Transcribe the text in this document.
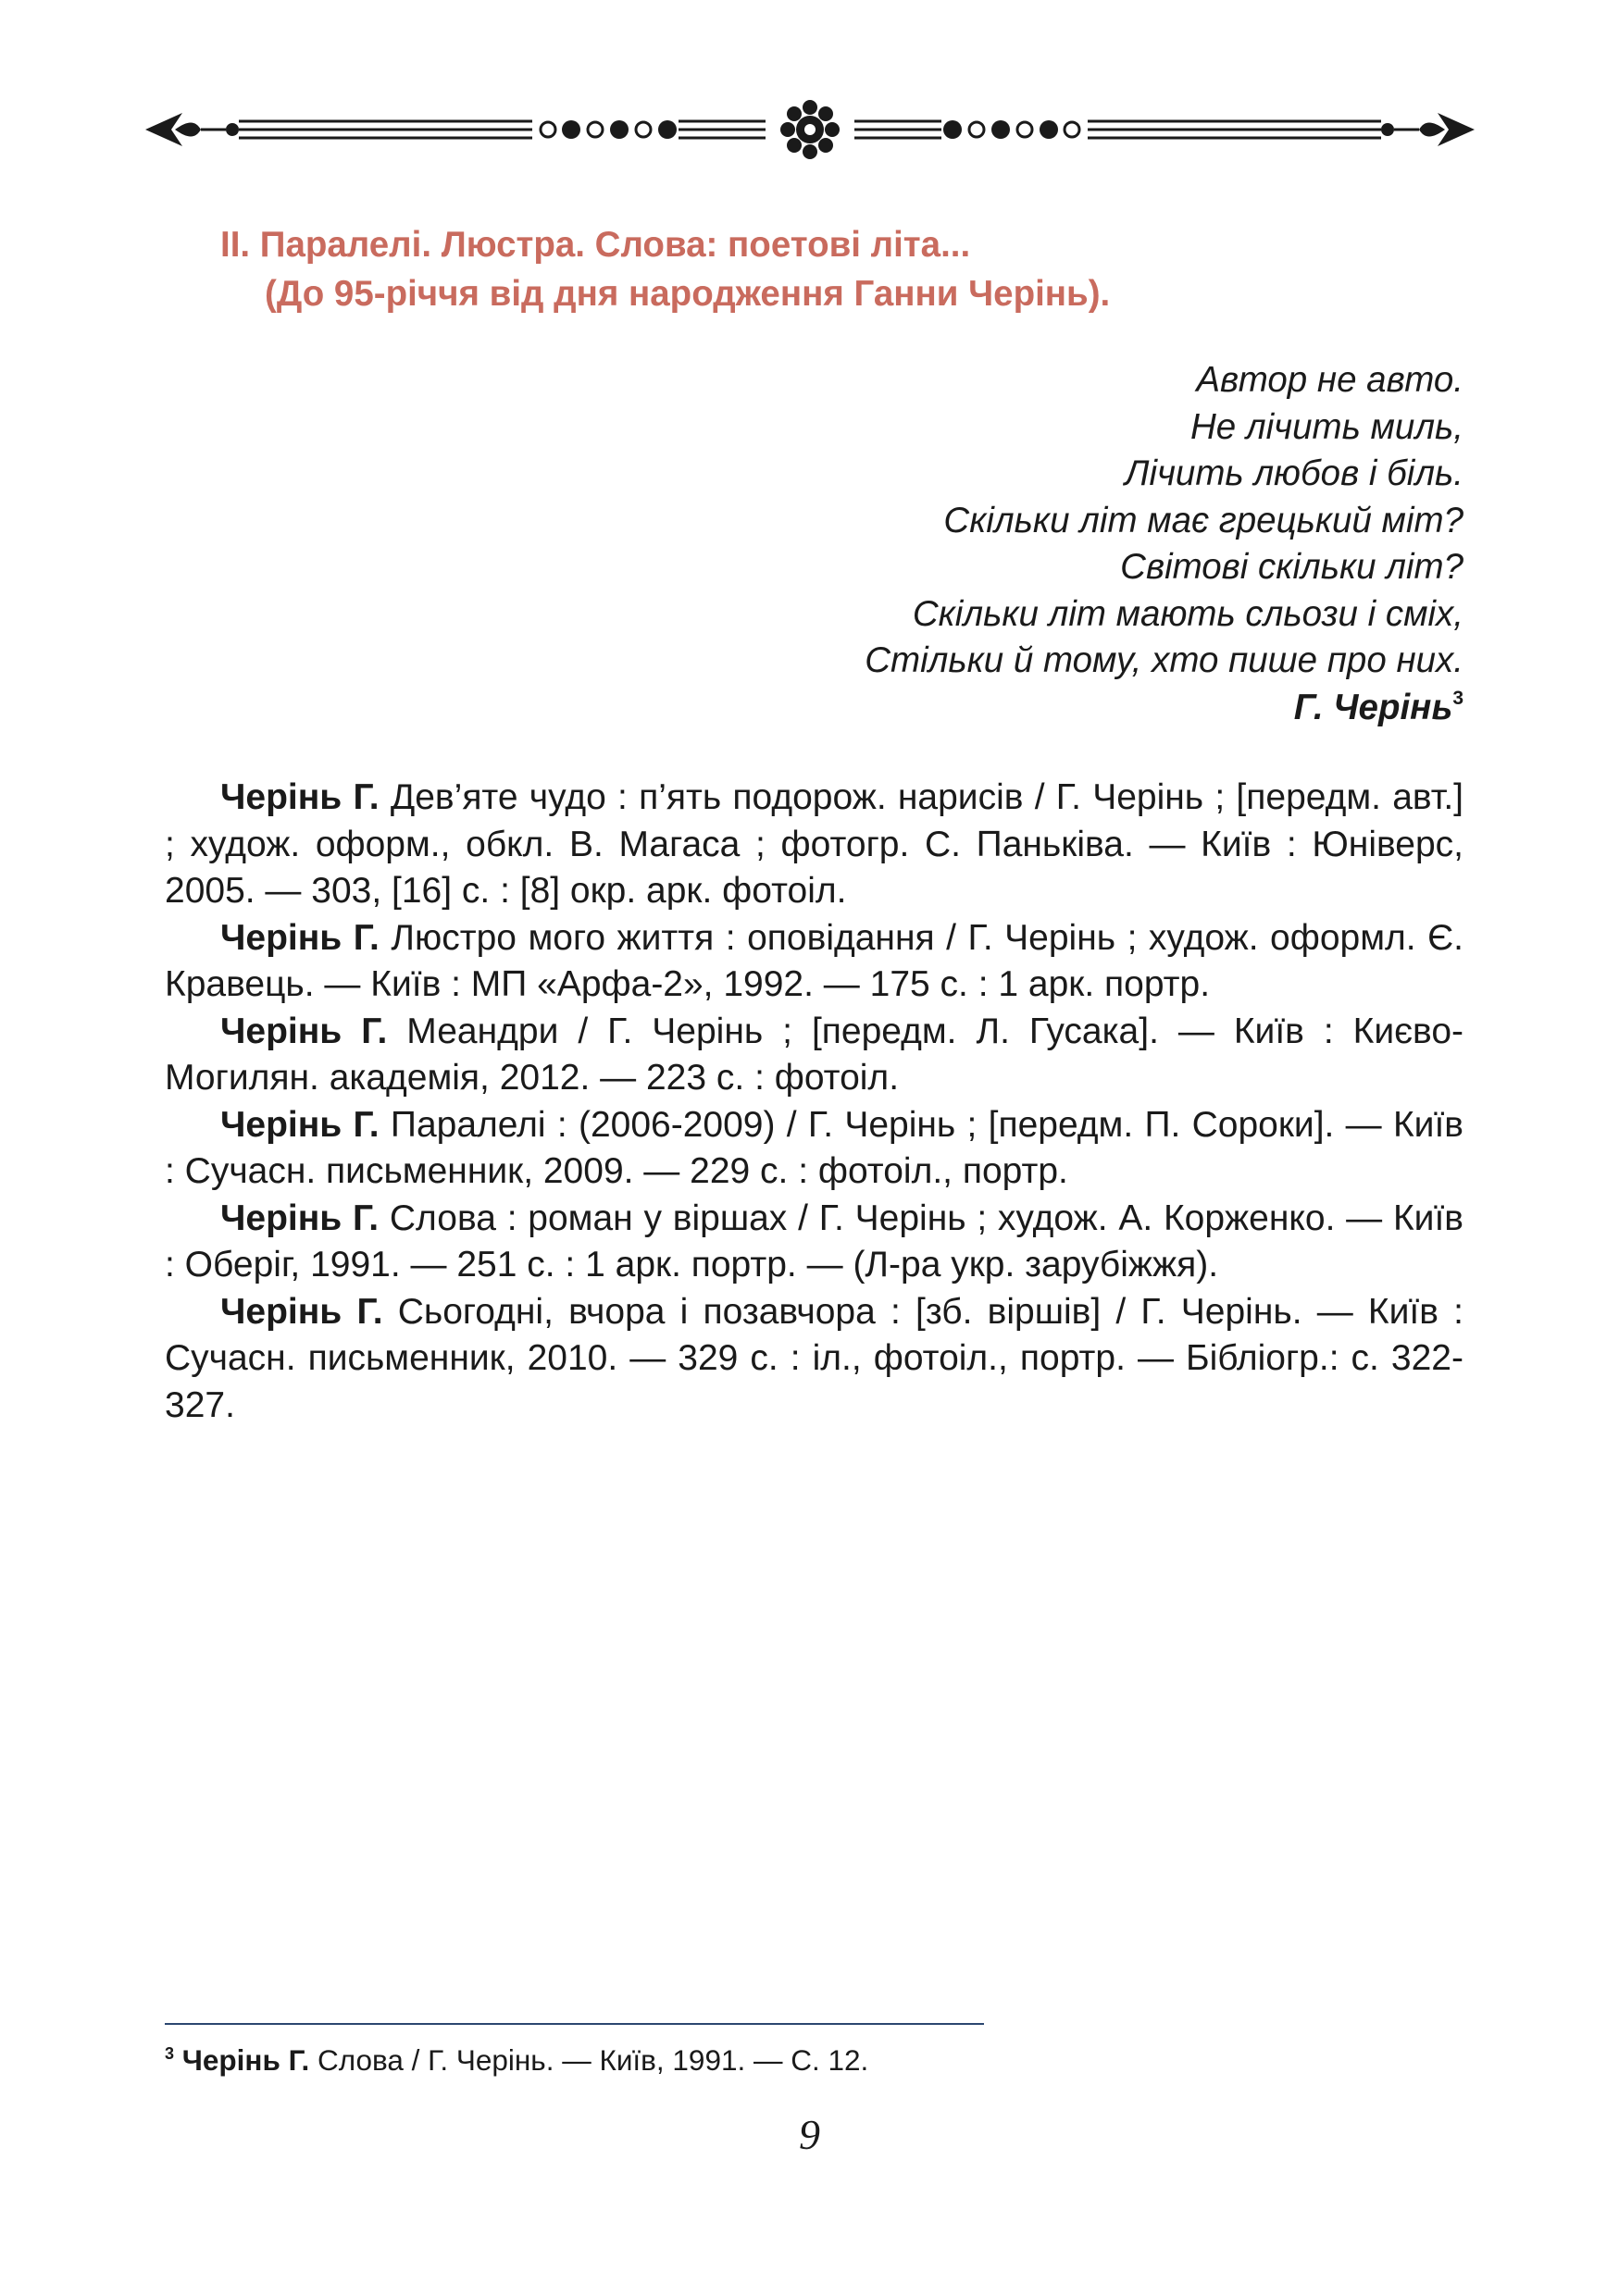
II. Паралелі. Люстра. Слова: поетові літа...
(До 95-річчя від дня народження Ганни Черінь).
Автор не авто.
Не лічить миль,
Лічить любов і біль.
Скільки літ має грецький міт?
Світові скільки літ?
Скільки літ мають сльози і сміх,
Стільки й тому, хто пише про них.
Г. Черінь$^3$

Черінь Г. Дев’яте чудо : п’ять подорож. нарисів / Г. Черінь ; [передм. авт.] ; худож. оформ., обкл. В. Магаса ; фотогр. С. Паньківа. — Київ : Юніверс, 2005. — 303, [16] с. : [8] окр. арк. фотоіл.

Черінь Г. Люстро мого життя : оповідання / Г. Черінь ; худож. оформл. Є. Кравець. — Київ : МП «Арфа-2», 1992. — 175 с. : 1 арк. портр.

Черінь Г. Меандри / Г. Черінь ; [передм. Л. Гусака]. — Київ : Києво-Могилян. академія, 2012. — 223 с. : фотоіл.

Черінь Г. Паралелі : (2006-2009) / Г. Черінь ; [передм. П. Сороки]. — Київ : Сучасн. письменник, 2009. — 229 с. : фотоіл., портр.

Черінь Г. Слова : роман у віршах / Г. Черінь ; худож. А. Корженко. — Київ : Оберіг, 1991. — 251 с. : 1 арк. портр. — (Л-ра укр. зарубіжжя).

Черінь Г. Сьогодні, вчора і позавчора : [зб. віршів] / Г. Черінь. — Київ : Сучасн. письменник, 2010. — 329 с. : іл., фотоіл., портр. — Бібліогр.: с. 322-327.

$^3$ Черінь Г. Слова / Г. Черінь. — Київ, 1991. — С. 12.
9
